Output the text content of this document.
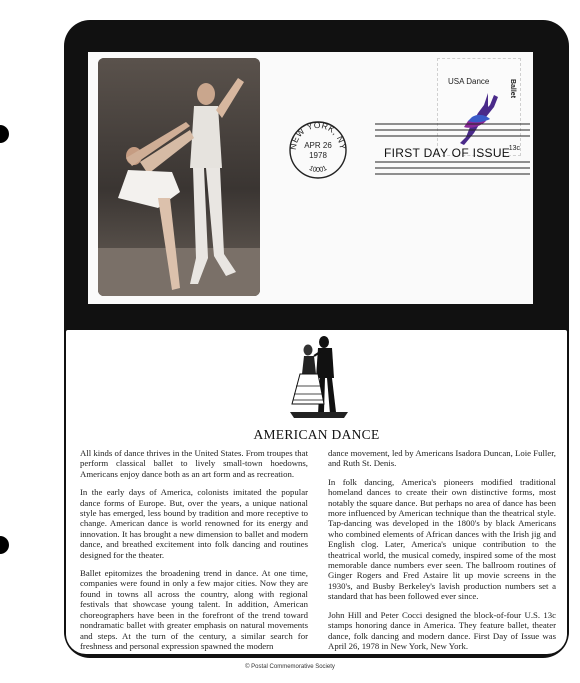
NEW YORK, NY
APR 26
1978
10001
USA Dance	Ballet
13c
FIRST DAY OF ISSUE
AMERICAN DANCE

All kinds of dance thrives in the United States. From troupes that perform classical ballet to lively small-town hoedowns, Americans enjoy dance both as an art form and as recreation.

In the early days of America, colonists imitated the popular dance forms of Europe. But, over the years, a unique national style has emerged, less bound by tradition and more receptive to change. American dance is world renowned for its energy and innovation. It has brought a new dimension to ballet and modern dance, and breathed excitement into folk dancing and routines designed for the theater.

Ballet epitomizes the broadening trend in dance. At one time, companies were found in only a few major cities. Now they are found in towns all across the country, along with regional festivals that showcase young talent. In addition, American choreographers have been in the forefront of the trend toward nondramatic ballet with greater emphasis on natural movements and steps. At the turn of the century, a similar search for freshness and personal expression spawned the modern

dance movement, led by Americans Isadora Duncan, Loie Fuller, and Ruth St. Denis.

In folk dancing, America's pioneers modified traditional homeland dances to create their own distinctive forms, most notably the square dance. But perhaps no area of dance has been more influenced by American technique than the theatrical style. Tap-dancing was developed in the 1800's by black Americans who combined elements of African dances with the Irish jig and English clog. Later, America's unique contribution to the theatrical world, the musical comedy, inspired some of the most memorable dance numbers ever seen. The ballroom routines of Ginger Rogers and Fred Astaire lit up movie screens in the 1930's, and Busby Berkeley's lavish production numbers set a standard that has been followed ever since.

John Hill and Peter Cocci designed the block-of-four U.S. 13c stamps honoring dance in America. They feature ballet, theater dance, folk dancing and modern dance. First Day of Issue was April 26, 1978 in New York, New York.

© Postal Commemorative Society
